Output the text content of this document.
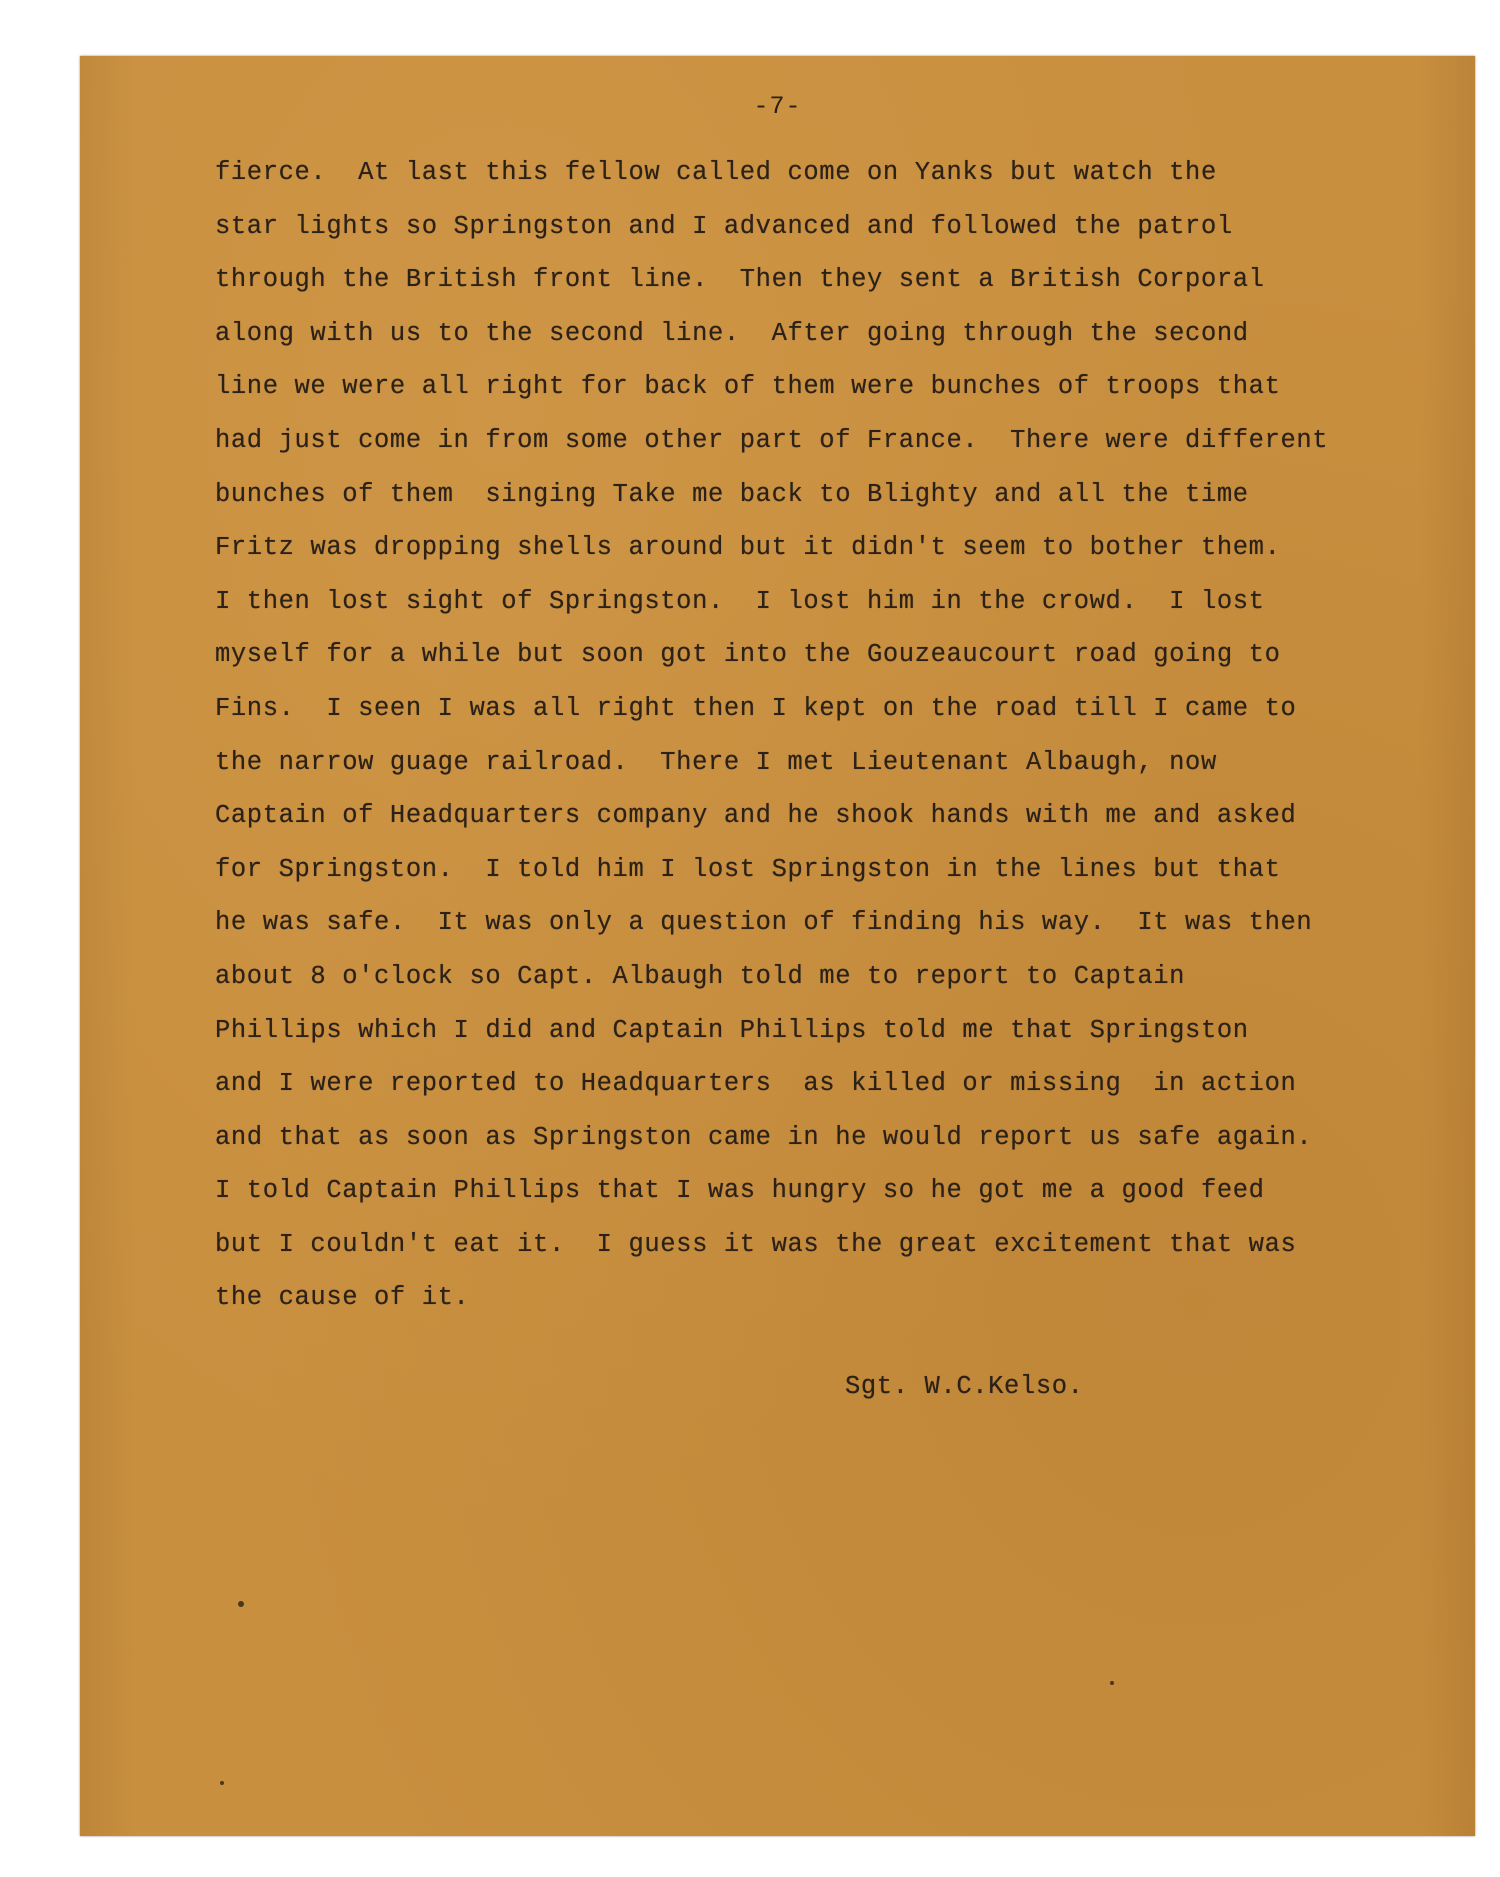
-7-
fierce.  At last this fellow called come on Yanks but watch the
star lights so Springston and I advanced and followed the patrol
through the British front line.  Then they sent a British Corporal
along with us to the second line.  After going through the second
line we were all right for back of them were bunches of troops that
had just come in from some other part of France.  There were different
bunches of them  singing Take me back to Blighty and all the time
Fritz was dropping shells around but it didn't seem to bother them.
I then lost sight of Springston.  I lost him in the crowd.  I lost
myself for a while but soon got into the Gouzeaucourt road going to
Fins.  I seen I was all right then I kept on the road till I came to
the narrow guage railroad.  There I met Lieutenant Albaugh, now
Captain of Headquarters company and he shook hands with me and asked
for Springston.  I told him I lost Springston in the lines but that
he was safe.  It was only a question of finding his way.  It was then
about 8 o'clock so Capt. Albaugh told me to report to Captain
Phillips which I did and Captain Phillips told me that Springston
and I were reported to Headquarters  as killed or missing  in action
and that as soon as Springston came in he would report us safe again.
I told Captain Phillips that I was hungry so he got me a good feed
but I couldn't eat it.  I guess it was the great excitement that was
the cause of it.
Sgt. W.C.Kelso.
